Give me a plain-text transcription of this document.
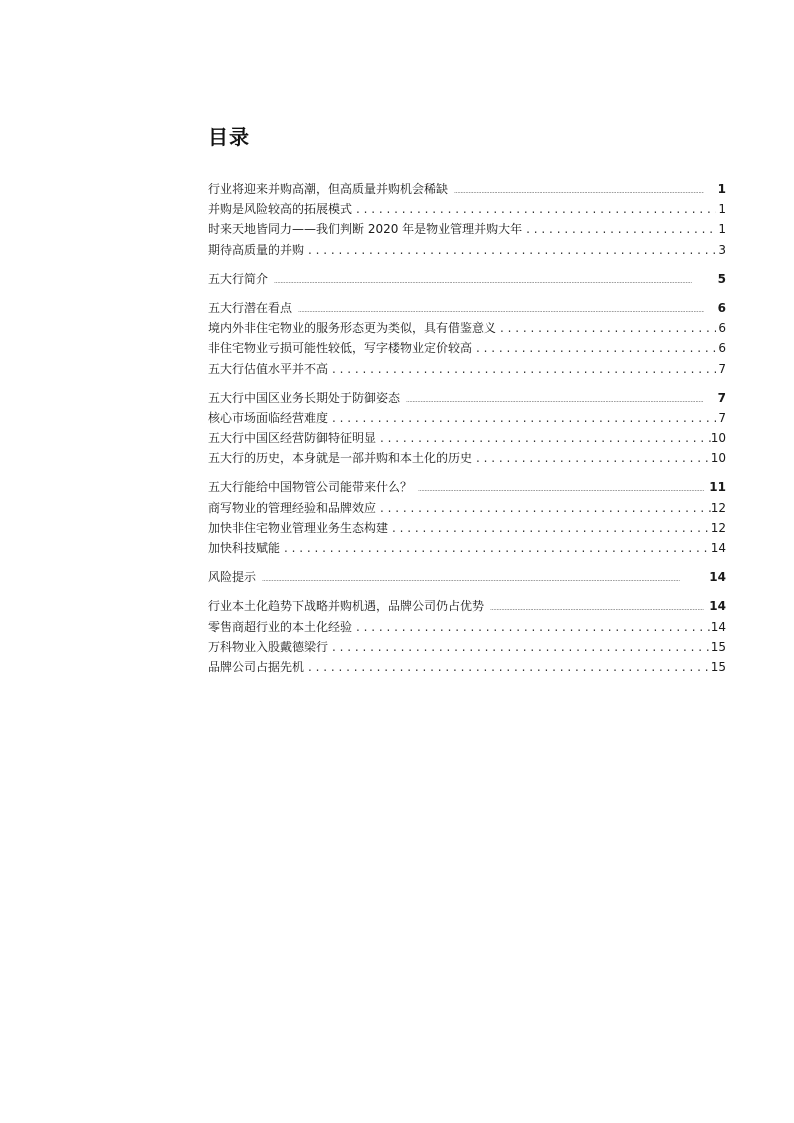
目录
行业将迎来并购高潮，但高质量并购机会稀缺 .....	1
并购是风险较高的拓展模式 . . .	1
时来天地皆同力——我们判断 2020 年是物业管理并购大年 . . .	1
期待高质量的并购 . . .	3
五大行简介 .....	5
五大行潜在看点 .....	6
境内外非住宅物业的服务形态更为类似，具有借鉴意义 . . .	6
非住宅物业亏损可能性较低，写字楼物业定价较高 . . .	6
五大行估值水平并不高 . . .	7
五大行中国区业务长期处于防御姿态 .....	7
核心市场面临经营难度 . . .	7
五大行中国区经营防御特征明显 . . .	10
五大行的历史，本身就是一部并购和本土化的历史 . . .	10
五大行能给中国物管公司能带来什么？ .....	11
商写物业的管理经验和品牌效应 . . .	12
加快非住宅物业管理业务生态构建 . . .	12
加快科技赋能 . . .	14
风险提示 .....	14
行业本土化趋势下战略并购机遇，品牌公司仍占优势 .....	14
零售商超行业的本土化经验 . . .	14
万科物业入股戴德梁行 . . .	15
品牌公司占据先机 . . .	15
